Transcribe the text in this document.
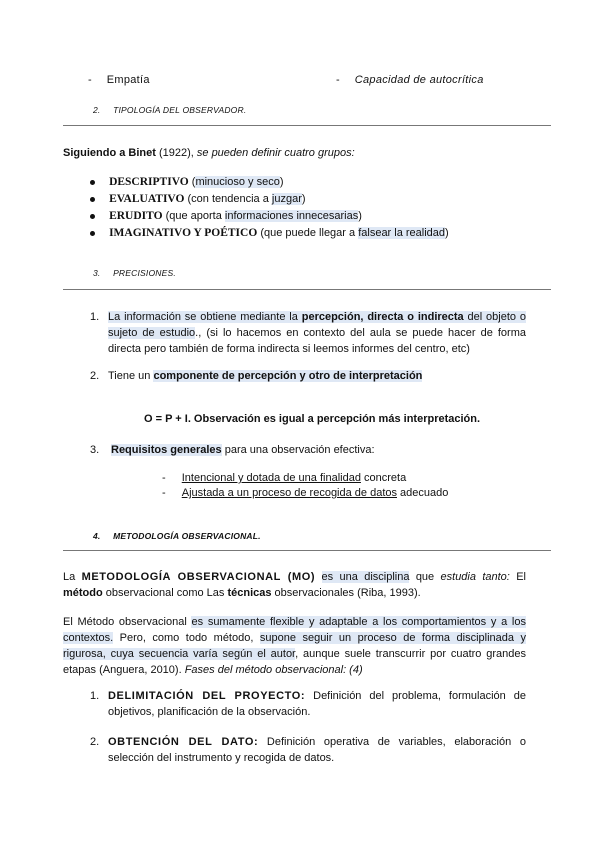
- Empatía	- Capacidad de autocrítica
2. TIPOLOGÍA DEL OBSERVADOR.
Siguiendo a Binet (1922), se pueden definir cuatro grupos:
DESCRIPTIVO (minucioso y seco)
EVALUATIVO (con tendencia a juzgar)
ERUDITO (que aporta informaciones innecesarias)
IMAGINATIVO Y POÉTICO (que puede llegar a falsear la realidad)
3. PRECISIONES.
1. La información se obtiene mediante la percepción, directa o indirecta del objeto o sujeto de estudio., (si lo hacemos en contexto del aula se puede hacer de forma directa pero también de forma indirecta si leemos informes del centro, etc)
2. Tiene un componente de percepción y otro de interpretación
O = P + I. Observación es igual a percepción más interpretación.
3. Requisitos generales para una observación efectiva:
- Intencional y dotada de una finalidad concreta
- Ajustada a un proceso de recogida de datos adecuado
4. METODOLOGÍA OBSERVACIONAL.
La METODOLOGÍA OBSERVACIONAL (MO) es una disciplina que estudia tanto: El método observacional como Las técnicas observacionales (Riba, 1993).
El Método observacional es sumamente flexible y adaptable a los comportamientos y a los contextos. Pero, como todo método, supone seguir un proceso de forma disciplinada y rigurosa, cuya secuencia varía según el autor, aunque suele transcurrir por cuatro grandes etapas (Anguera, 2010). Fases del método observacional: (4)
1. DELIMITACIÓN DEL PROYECTO: Definición del problema, formulación de objetivos, planificación de la observación.
2. OBTENCIÓN DEL DATO: Definición operativa de variables, elaboración o selección del instrumento y recogida de datos.
